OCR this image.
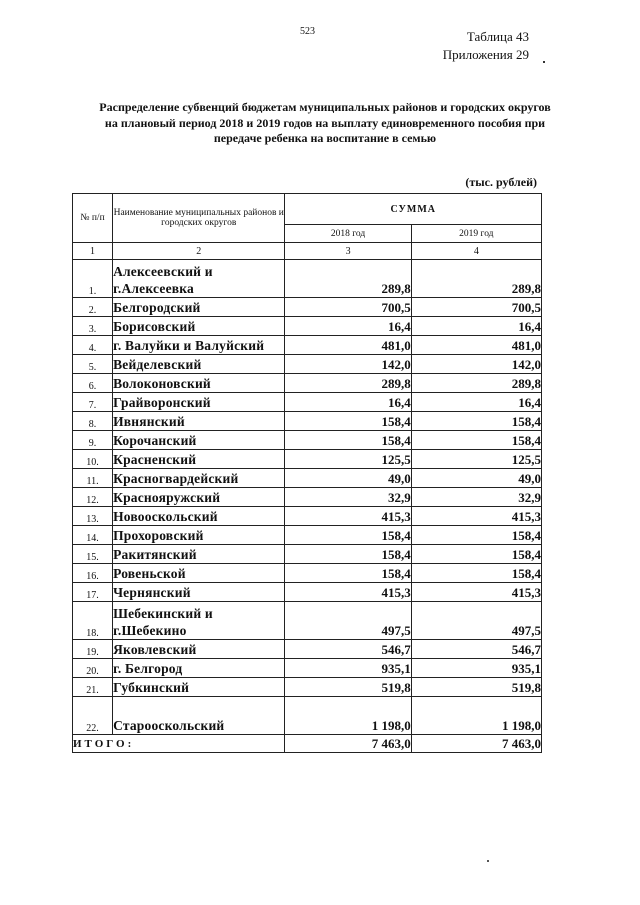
523	Таблица 43
Приложения 29
Распределение субвенций бюджетам муниципальных районов и городских округов
на плановый период 2018 и 2019 годов на выплату единовременного пособия при
передаче ребенка на воспитание в семью
(тыс. рублей)
№ п/п	Наименование муниципальных районов и городских округов	СУММА	
		2018 год	2019 год
1	2	3	4
1.	Алексеевский и г.Алексеевка	289,8	289,8
2.	Белгородский	700,5	700,5
3.	Борисовский	16,4	16,4
4.	г. Валуйки и Валуйский	481,0	481,0
5.	Вейделевский	142,0	142,0
6.	Волоконовский	289,8	289,8
7.	Грайворонский	16,4	16,4
8.	Ивнянский	158,4	158,4
9.	Корочанский	158,4	158,4
10.	Красненский	125,5	125,5
11.	Красногвардейский	49,0	49,0
12.	Краснояружский	32,9	32,9
13.	Новооскольский	415,3	415,3
14.	Прохоровский	158,4	158,4
15.	Ракитянский	158,4	158,4
16.	Ровеньской	158,4	158,4
17.	Чернянский	415,3	415,3
18.	Шебекинский и г.Шебекино	497,5	497,5
19.	Яковлевский	546,7	546,7
20.	г. Белгород	935,1	935,1
21.	Губкинский	519,8	519,8
22.	Старооскольский	1 198,0	1 198,0
ИТОГО:		7 463,0	7 463,0
